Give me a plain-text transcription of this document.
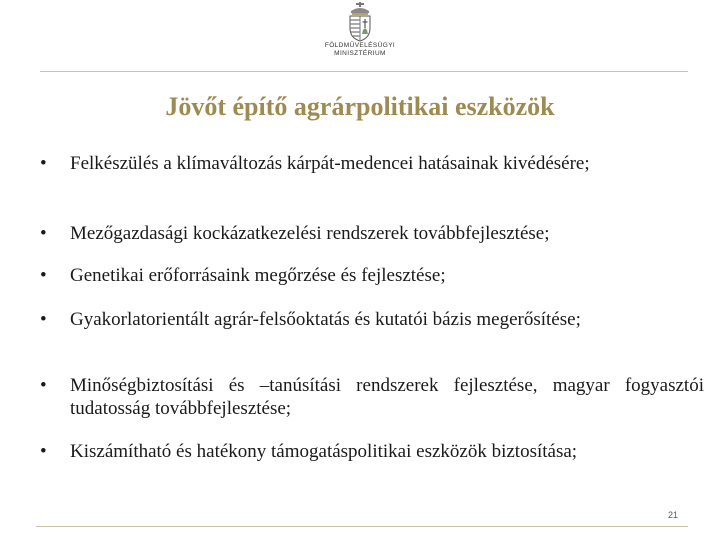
FÖLDMŰVELÉSÜGYI
MINISZTÉRIUM
Jövőt építő agrárpolitikai eszközök
• Felkészülés a klímaváltozás kárpát-medencei hatásainak kivédésére;
• Mezőgazdasági kockázatkezelési rendszerek továbbfejlesztése;
• Genetikai erőforrásaink megőrzése és fejlesztése;
• Gyakorlatorientált agrár-felsőoktatás és kutatói bázis megerősítése;
• Minőségbiztosítási és –tanúsítási rendszerek fejlesztése, magyar fogyasztói tudatosság továbbfejlesztése;
• Kiszámítható és hatékony támogatáspolitikai eszközök biztosítása;
21
